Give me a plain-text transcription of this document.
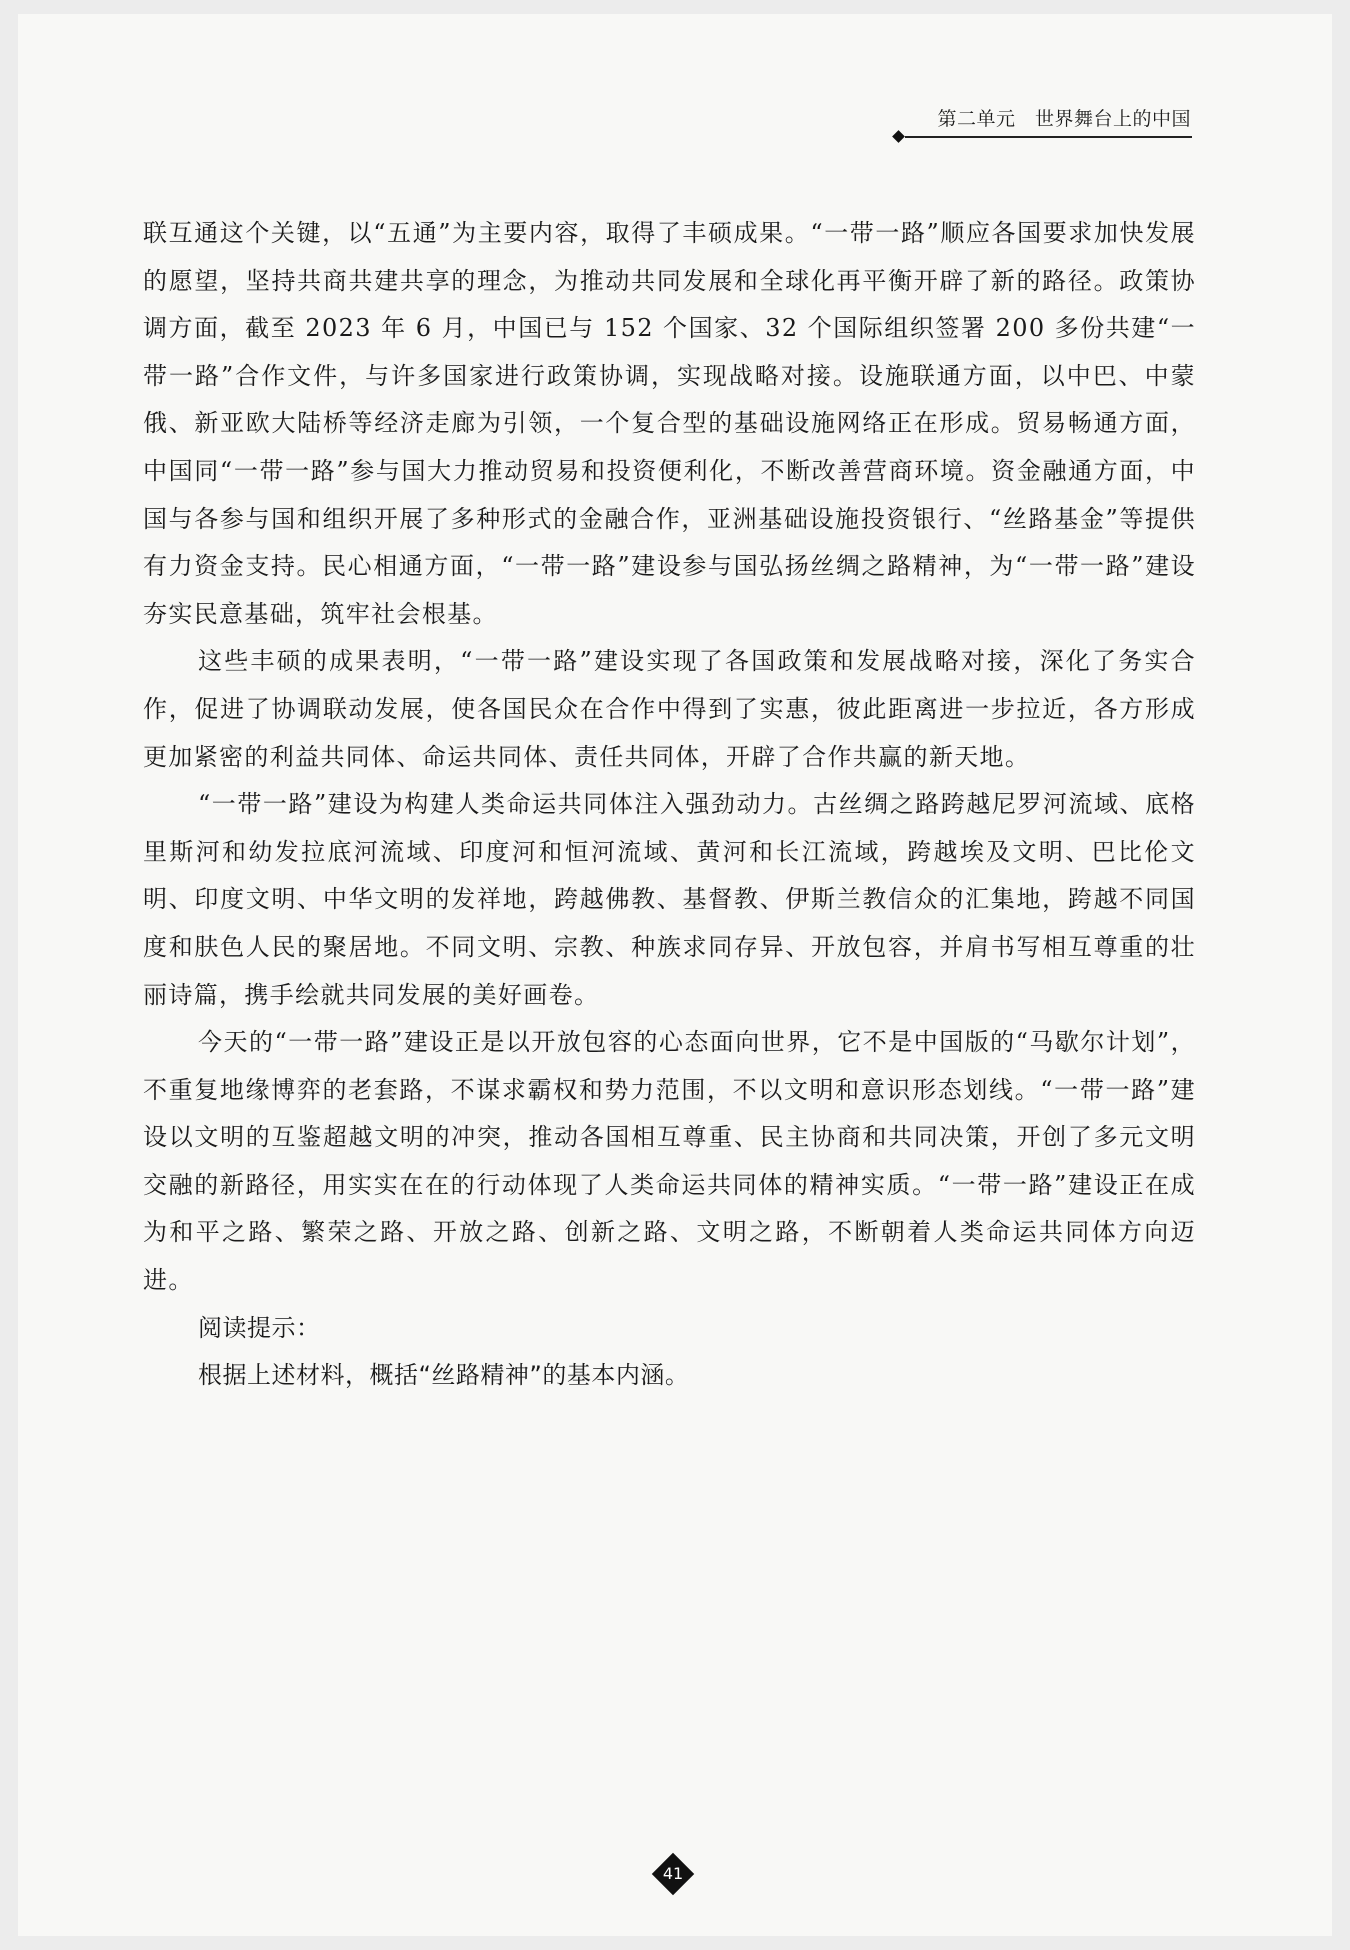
第二单元　世界舞台上的中国

联互通这个关键，以“五通”为主要内容，取得了丰硕成果。“一带一路”顺应各国要求加快发展的愿望，坚持共商共建共享的理念，为推动共同发展和全球化再平衡开辟了新的路径。政策协调方面，截至 2023 年 6 月，中国已与 152 个国家、32 个国际组织签署 200 多份共建“一带一路”合作文件，与许多国家进行政策协调，实现战略对接。设施联通方面，以中巴、中蒙俄、新亚欧大陆桥等经济走廊为引领，一个复合型的基础设施网络正在形成。贸易畅通方面，中国同“一带一路”参与国大力推动贸易和投资便利化，不断改善营商环境。资金融通方面，中国与各参与国和组织开展了多种形式的金融合作，亚洲基础设施投资银行、“丝路基金”等提供有力资金支持。民心相通方面，“一带一路”建设参与国弘扬丝绸之路精神，为“一带一路”建设夯实民意基础，筑牢社会根基。

这些丰硕的成果表明，“一带一路”建设实现了各国政策和发展战略对接，深化了务实合作，促进了协调联动发展，使各国民众在合作中得到了实惠，彼此距离进一步拉近，各方形成更加紧密的利益共同体、命运共同体、责任共同体，开辟了合作共赢的新天地。

“一带一路”建设为构建人类命运共同体注入强劲动力。古丝绸之路跨越尼罗河流域、底格里斯河和幼发拉底河流域、印度河和恒河流域、黄河和长江流域，跨越埃及文明、巴比伦文明、印度文明、中华文明的发祥地，跨越佛教、基督教、伊斯兰教信众的汇集地，跨越不同国度和肤色人民的聚居地。不同文明、宗教、种族求同存异、开放包容，并肩书写相互尊重的壮丽诗篇，携手绘就共同发展的美好画卷。

今天的“一带一路”建设正是以开放包容的心态面向世界，它不是中国版的“马歇尔计划”，不重复地缘博弈的老套路，不谋求霸权和势力范围，不以文明和意识形态划线。“一带一路”建设以文明的互鉴超越文明的冲突，推动各国相互尊重、民主协商和共同决策，开创了多元文明交融的新路径，用实实在在的行动体现了人类命运共同体的精神实质。“一带一路”建设正在成为和平之路、繁荣之路、开放之路、创新之路、文明之路，不断朝着人类命运共同体方向迈进。

阅读提示：

根据上述材料，概括“丝路精神”的基本内涵。

41
